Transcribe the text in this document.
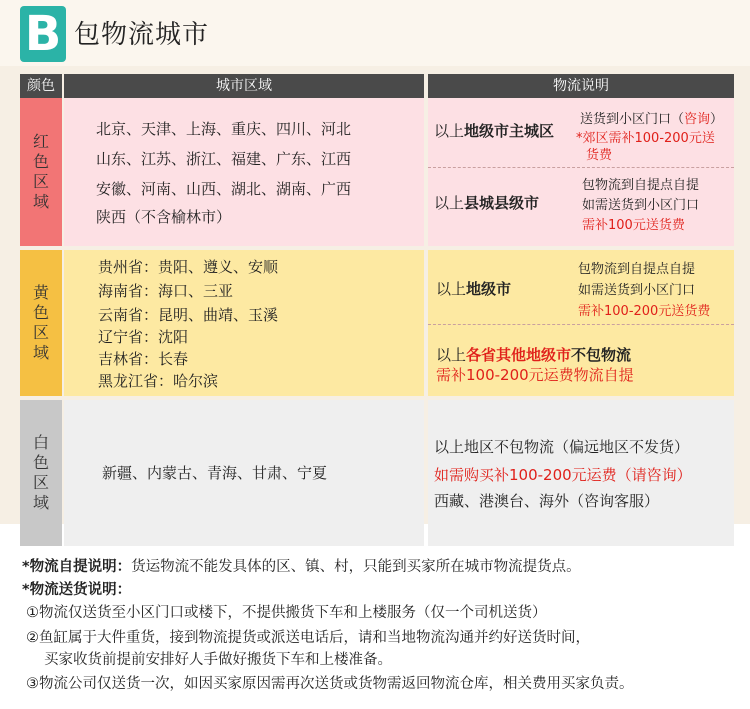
B 包物流城市
颜色	城市区域	物流说明
红色区域
北京、天津、上海、重庆、四川、河北
山东、江苏、浙江、福建、广东、江西
安徽、河南、山西、湖北、湖南、广西
陕西（不含榆林市）
以上地级市主城区
送货到小区门口（咨询）
*郊区需补100-200元送
货费
以上县城县级市
包物流到自提点自提
如需送货到小区门口
需补100元送货费
黄色区域
贵州省：贵阳、遵义、安顺
海南省：海口、三亚
云南省：昆明、曲靖、玉溪
辽宁省：沈阳
吉林省：长春
黑龙江省：哈尔滨
以上地级市
包物流到自提点自提
如需送货到小区门口
需补100-200元送货费
以上各省其他地级市不包物流
需补100-200元运费物流自提
白色区域
新疆、内蒙古、青海、甘肃、宁夏
以上地区不包物流（偏远地区不发货）
如需购买补100-200元运费（请咨询）
西藏、港澳台、海外（咨询客服）
*物流自提说明：货运物流不能发具体的区、镇、村，只能到买家所在城市物流提货点。
*物流送货说明：
①物流仅送货至小区门口或楼下，不提供搬货下车和上楼服务（仅一个司机送货）
②鱼缸属于大件重货，接到物流提货或派送电话后，请和当地物流沟通并约好送货时间，
买家收货前提前安排好人手做好搬货下车和上楼准备。
③物流公司仅送货一次，如因买家原因需再次送货或货物需返回物流仓库，相关费用买家负责。
